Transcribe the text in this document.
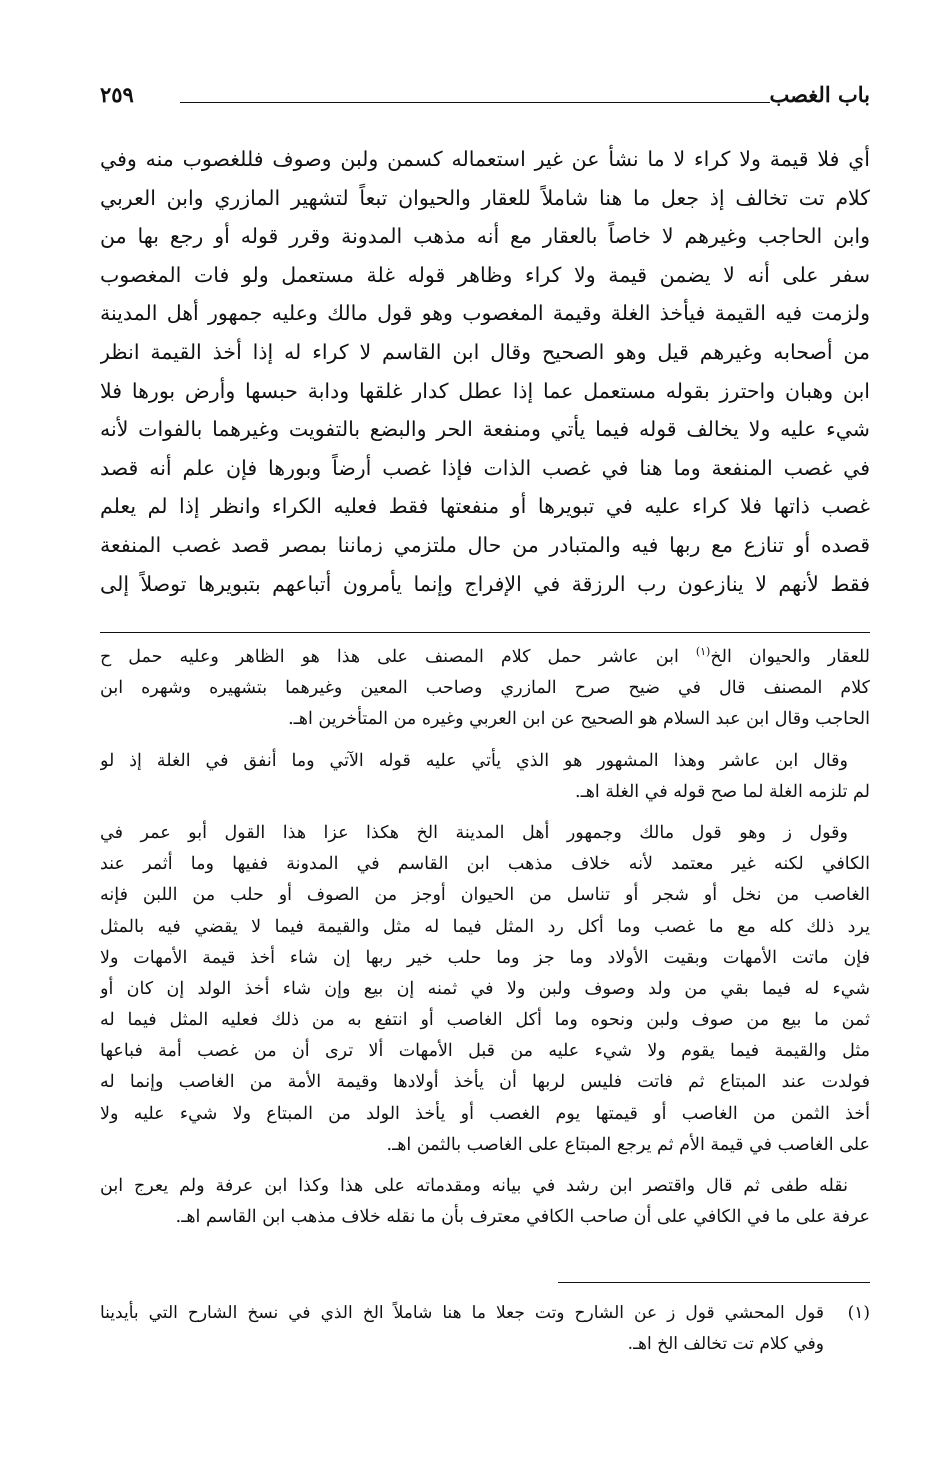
باب الغصب
٢٥٩
أي فلا قيمة ولا كراء لا ما نشأ عن غير استعماله كسمن ولبن وصوف فللغصوب منه وفي
كلام تت تخالف إذ جعل ما هنا شاملاً للعقار والحيوان تبعاً لتشهير المازري وابن العربي
وابن الحاجب وغيرهم لا خاصاً بالعقار مع أنه مذهب المدونة وقرر قوله أو رجع بها من
سفر على أنه لا يضمن قيمة ولا كراء وظاهر قوله غلة مستعمل ولو فات المغصوب
ولزمت فيه القيمة فيأخذ الغلة وقيمة المغصوب وهو قول مالك وعليه جمهور أهل المدينة
من أصحابه وغيرهم قيل وهو الصحيح وقال ابن القاسم لا كراء له إذا أخذ القيمة انظر
ابن وهبان واحترز بقوله مستعمل عما إذا عطل كدار غلقها ودابة حبسها وأرض بورها فلا
شيء عليه ولا يخالف قوله فيما يأتي ومنفعة الحر والبضع بالتفويت وغيرهما بالفوات لأنه
في غصب المنفعة وما هنا في غصب الذات فإذا غصب أرضاً وبورها فإن علم أنه قصد
غصب ذاتها فلا كراء عليه في تبويرها أو منفعتها فقط فعليه الكراء وانظر إذا لم يعلم
قصده أو تنازع مع ربها فيه والمتبادر من حال ملتزمي زماننا بمصر قصد غصب المنفعة
فقط لأنهم لا ينازعون رب الرزقة في الإفراج وإنما يأمرون أتباعهم بتبويرها توصلاً إلى
للعقار والحيوان الخ$^{(١)}$ ابن عاشر حمل كلام المصنف على هذا هو الظاهر وعليه حمل ح
كلام المصنف قال في ضيح صرح المازري وصاحب المعين وغيرهما بتشهيره وشهره ابن
الحاجب وقال ابن عبد السلام هو الصحيح عن ابن العربي وغيره من المتأخرين اهـ.
وقال ابن عاشر وهذا المشهور هو الذي يأتي عليه قوله الآتي وما أنفق في الغلة إذ لو
لم تلزمه الغلة لما صح قوله في الغلة اهـ.
وقول ز وهو قول مالك وجمهور أهل المدينة الخ هكذا عزا هذا القول أبو عمر في
الكافي لكنه غير معتمد لأنه خلاف مذهب ابن القاسم في المدونة ففيها وما أثمر عند
الغاصب من نخل أو شجر أو تناسل من الحيوان أوجز من الصوف أو حلب من اللبن فإنه
يرد ذلك كله مع ما غصب وما أكل رد المثل فيما له مثل والقيمة فيما لا يقضي فيه بالمثل
فإن ماتت الأمهات وبقيت الأولاد وما جز وما حلب خير ربها إن شاء أخذ قيمة الأمهات ولا
شيء له فيما بقي من ولد وصوف ولبن ولا في ثمنه إن بيع وإن شاء أخذ الولد إن كان أو
ثمن ما بيع من صوف ولبن ونحوه وما أكل الغاصب أو انتفع به من ذلك فعليه المثل فيما له
مثل والقيمة فيما يقوم ولا شيء عليه من قبل الأمهات ألا ترى أن من غصب أمة فباعها
فولدت عند المبتاع ثم فاتت فليس لربها أن يأخذ أولادها وقيمة الأمة من الغاصب وإنما له
أخذ الثمن من الغاصب أو قيمتها يوم الغصب أو يأخذ الولد من المبتاع ولا شيء عليه ولا
على الغاصب في قيمة الأم ثم يرجع المبتاع على الغاصب بالثمن اهـ.
نقله طفى ثم قال واقتصر ابن رشد في بيانه ومقدماته على هذا وكذا ابن عرفة ولم يعرج ابن
عرفة على ما في الكافي على أن صاحب الكافي معترف بأن ما نقله خلاف مذهب ابن القاسم اهـ.
(١)
قول المحشي قول ز عن الشارح وتت جعلا ما هنا شاملاً الخ الذي في نسخ الشارح التي بأيدينا
وفي كلام تت تخالف الخ اهـ.
